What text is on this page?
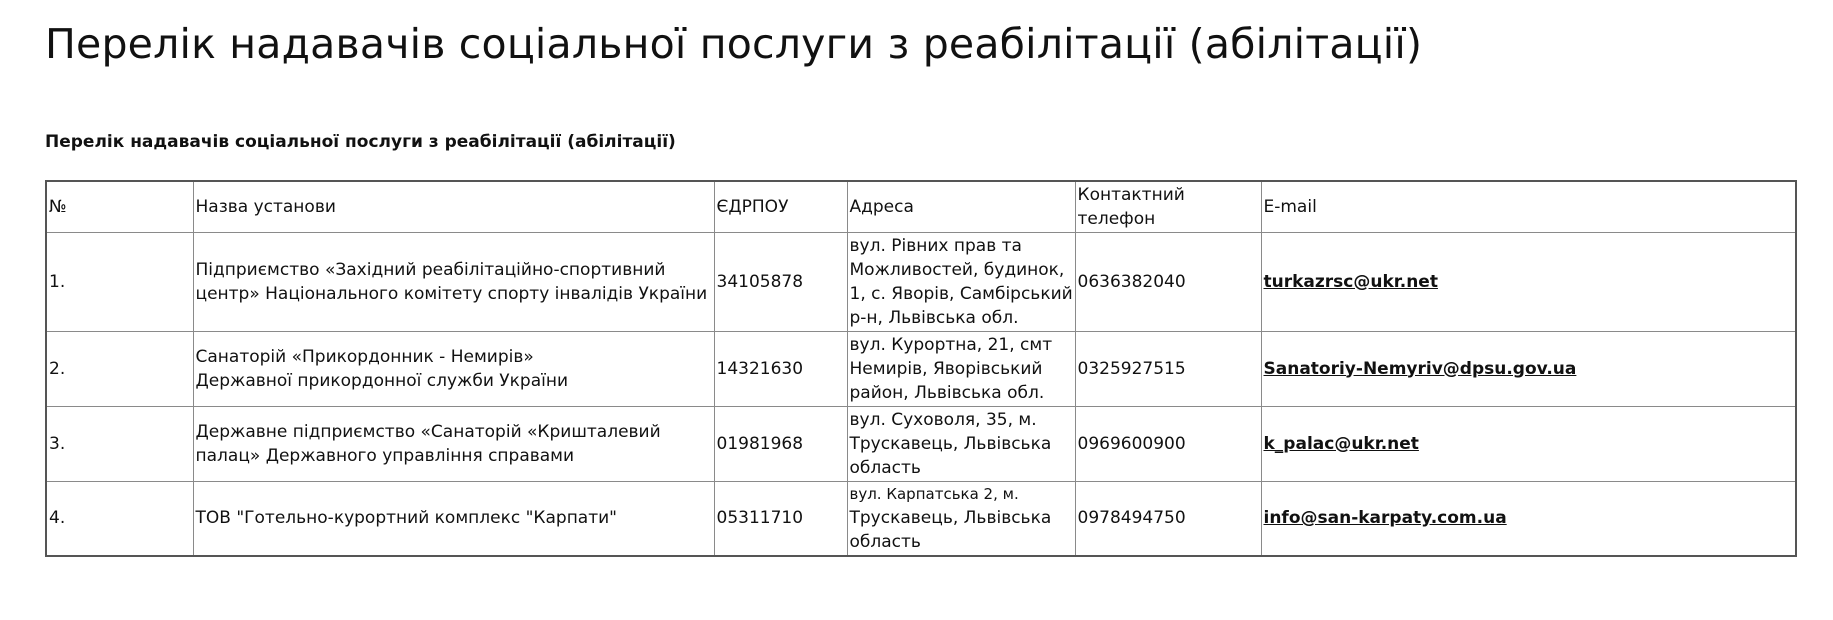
Перелік надавачів соціальної послуги з реабілітації (абілітації)

Перелік надавачів соціальної послуги з реабілітації (абілітації)

№	Назва установи	ЄДРПОУ	Адреса	Контактний
телефон	E-mail
1.	Підприємство «Західний реабілітаційно-спортивний
центр» Національного комітету спорту інвалідів України	34105878	вул. Рівних прав та
Можливостей, будинок,
1, с. Яворів, Самбірський
р-н, Львівська обл.	0636382040	turkazrsc@ukr.net
2.	Санаторій «Прикордонник - Немирів»
Державної прикордонної служби України	14321630	вул. Курортна, 21, смт
Немирів, Яворівський
район, Львівська обл.	0325927515	Sanatoriy-Nemyriv@dpsu.gov.ua
3.	Державне підприємство «Санаторій «Кришталевий
палац» Державного управління справами	01981968	вул. Суховоля, 35, м.
Трускавець, Львівська
область	0969600900	k_palac@ukr.net
4.	ТОВ "Готельно-курортний комплекс "Карпати"	05311710	вул. Карпатська 2, м.
Трускавець, Львівська
область	0978494750	info@san-karpaty.com.ua
